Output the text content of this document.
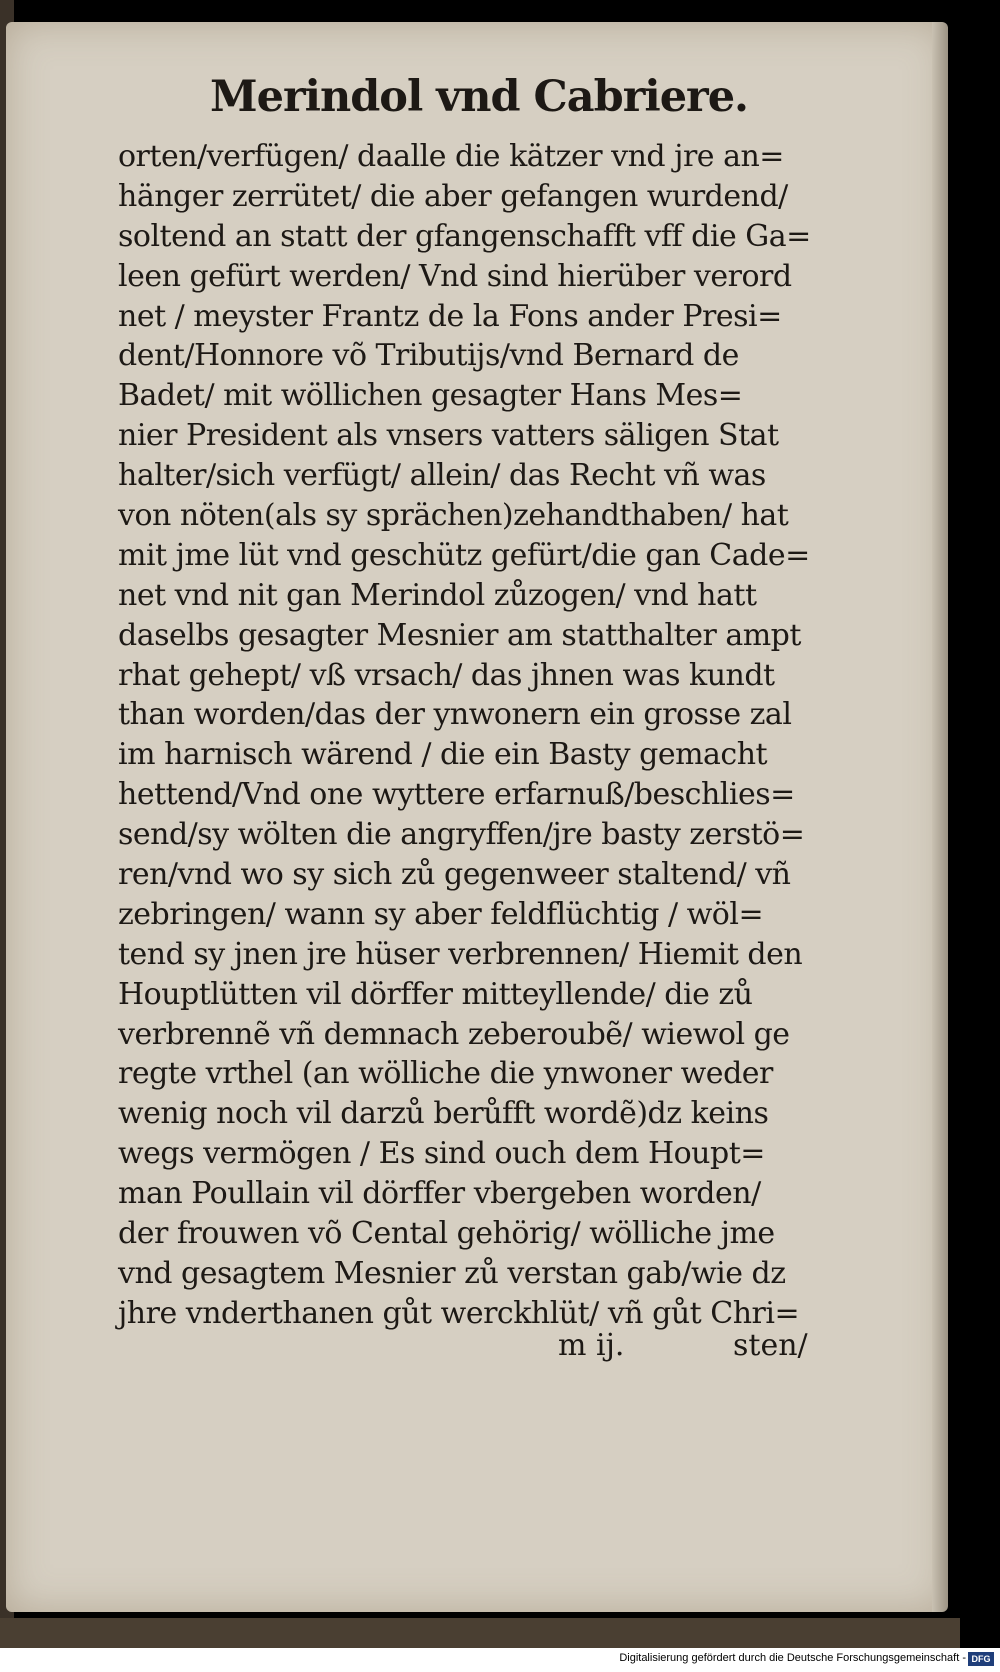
Merindol vnd Cabriere.
orten/verfügen/ daalle die kätzer vnd jre an=
hänger zerrütet/ die aber gefangen wurdend/
soltend an statt der gfangenschafft vff die Ga=
leen gefürt werden/ Vnd sind hierüber verord
net / meyster Frantz de la Fons ander Presi=
dent/Honnore võ Tributijs/vnd Bernard de
Badet/ mit wöllichen gesagter Hans Mes=
nier President als vnsers vatters säligen Stat
halter/sich verfügt/ allein/ das Recht vñ was
von nöten(als sy sprächen)zehandthaben/ hat
mit jme lüt vnd geschütz gefürt/die gan Cade=
net vnd nit gan Merindol zůzogen/ vnd hatt
daselbs gesagter Mesnier am statthalter ampt
rhat gehept/ vß vrsach/ das jhnen was kundt
than worden/das der ynwonern ein grosse zal
im harnisch wärend / die ein Basty gemacht
hettend/Vnd one wyttere erfarnuß/beschlies=
send/sy wölten die angryffen/jre basty zerstö=
ren/vnd wo sy sich zů gegenweer staltend/ vñ
zebringen/ wann sy aber feldflüchtig / wöl=
tend sy jnen jre hüser verbrennen/ Hiemit den
Houptlütten vil dörffer mitteyllende/ die zů
verbrennẽ vñ demnach zeberoubẽ/ wiewol ge
regte vrthel (an wölliche die ynwoner weder
wenig noch vil darzů berůfft wordẽ)dz keins
wegs vermögen / Es sind ouch dem Houpt=
man Poullain vil dörffer vbergeben worden/
der frouwen võ Cental gehörig/ wölliche jme
vnd gesagtem Mesnier zů verstan gab/wie dz
jhre vnderthanen gůt werckhlüt/ vñ gůt Chri=
m ij.	sten/
Digitalisierung gefördert durch die Deutsche Forschungsgemeinschaft - DFG
